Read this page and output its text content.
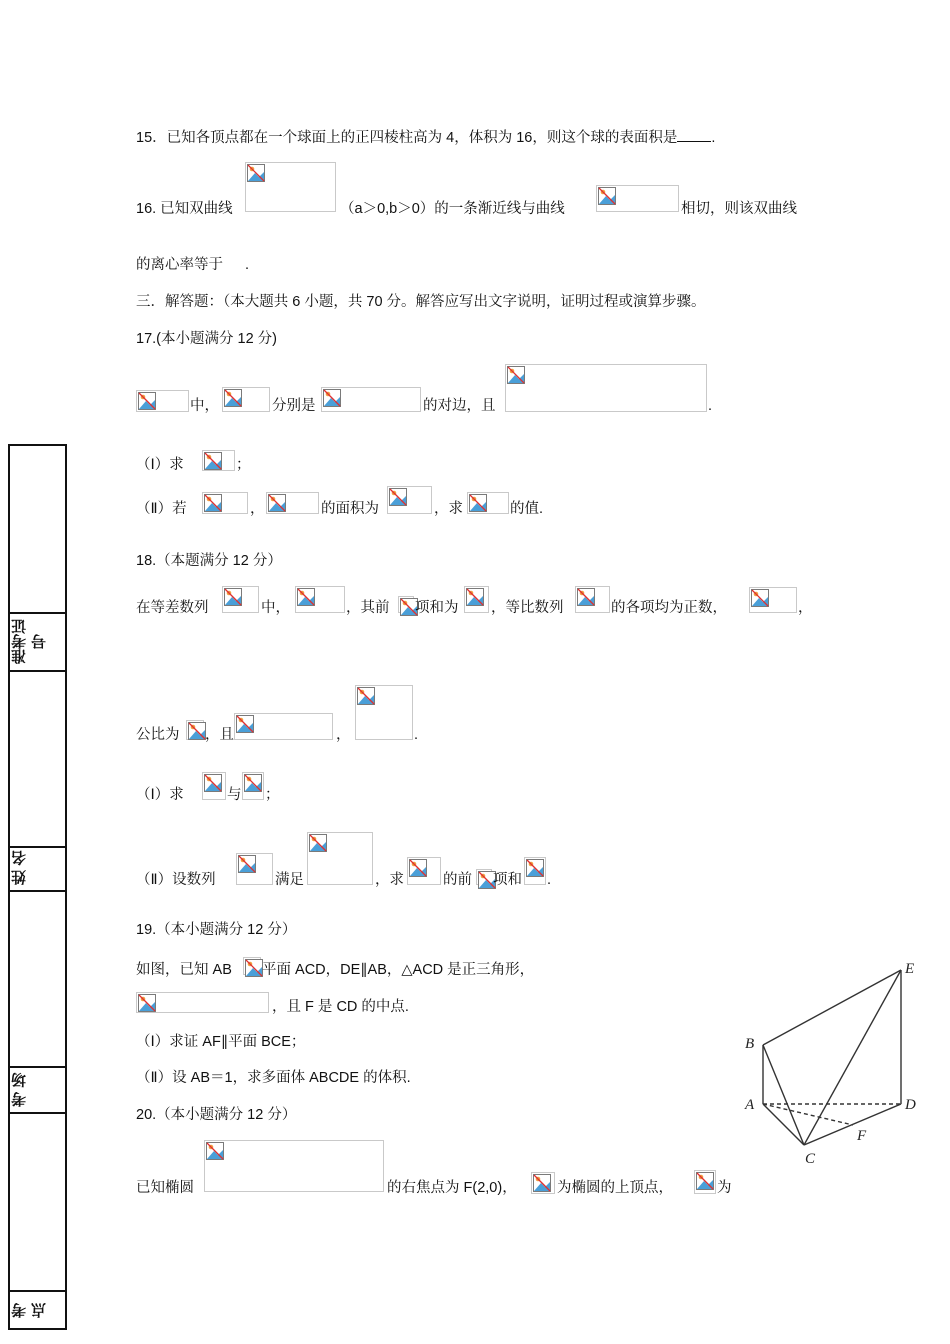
15．已知各顶点都在一个球面上的正四棱柱高为 4，体积为 16，则这个球的表面积是 .
16. 已知双曲线	（a＞0,b＞0）的一条渐近线与曲线	相切，则该双曲线
的离心率等于 .
三．解答题：（本大题共 6 小题，共 70 分。解答应写出文字说明，证明过程或演算步骤。
17.(本小题满分 12 分)
中，	分别是	的对边，且	.
（Ⅰ）求	；
（Ⅱ）若	，	的面积为	，求	的值.
18.（本题满分 12 分）
在等差数列	中，	，其前 项和为 ，等比数列	的各项均为正数，	，
公比为 ，且	，	.
（Ⅰ）求	与 ；
（Ⅱ）设数列	满足	，求	的前 项和 .
19.（本小题满分 12 分）
如图，已知 AB 平面 ACD，DE∥AB，△ACD 是正三角形，
，且 F 是 CD 的中点.
（Ⅰ）求证 AF∥平面 BCE；
（Ⅱ）设 AB＝1，求多面体 ABCDE 的体积.
20.（本小题满分 12 分）
已知椭圆	的右焦点为 F(2,0)，	为椭圆的上顶点，	为
准考证号
姓 名
考 场
考 点
B
A
E
D
C
F
